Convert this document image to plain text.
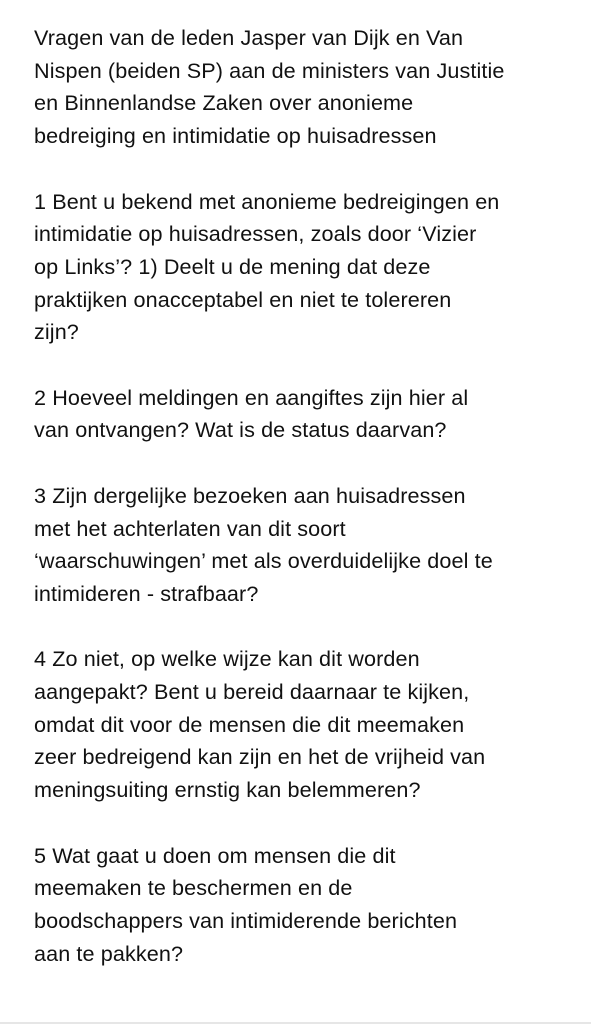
Vragen van de leden Jasper van Dijk en Van
Nispen (beiden SP) aan de ministers van Justitie
en Binnenlandse Zaken over anonieme
bedreiging en intimidatie op huisadressen
1 Bent u bekend met anonieme bedreigingen en
intimidatie op huisadressen, zoals door ‘Vizier
op Links’? 1) Deelt u de mening dat deze
praktijken onacceptabel en niet te tolereren
zijn?
2 Hoeveel meldingen en aangiftes zijn hier al
van ontvangen? Wat is de status daarvan?
3 Zijn dergelijke bezoeken aan huisadressen
met het achterlaten van dit soort
‘waarschuwingen’ met als overduidelijke doel te
intimideren - strafbaar?
4 Zo niet, op welke wijze kan dit worden
aangepakt? Bent u bereid daarnaar te kijken,
omdat dit voor de mensen die dit meemaken
zeer bedreigend kan zijn en het de vrijheid van
meningsuiting ernstig kan belemmeren?
5 Wat gaat u doen om mensen die dit
meemaken te beschermen en de
boodschappers van intimiderende berichten
aan te pakken?
